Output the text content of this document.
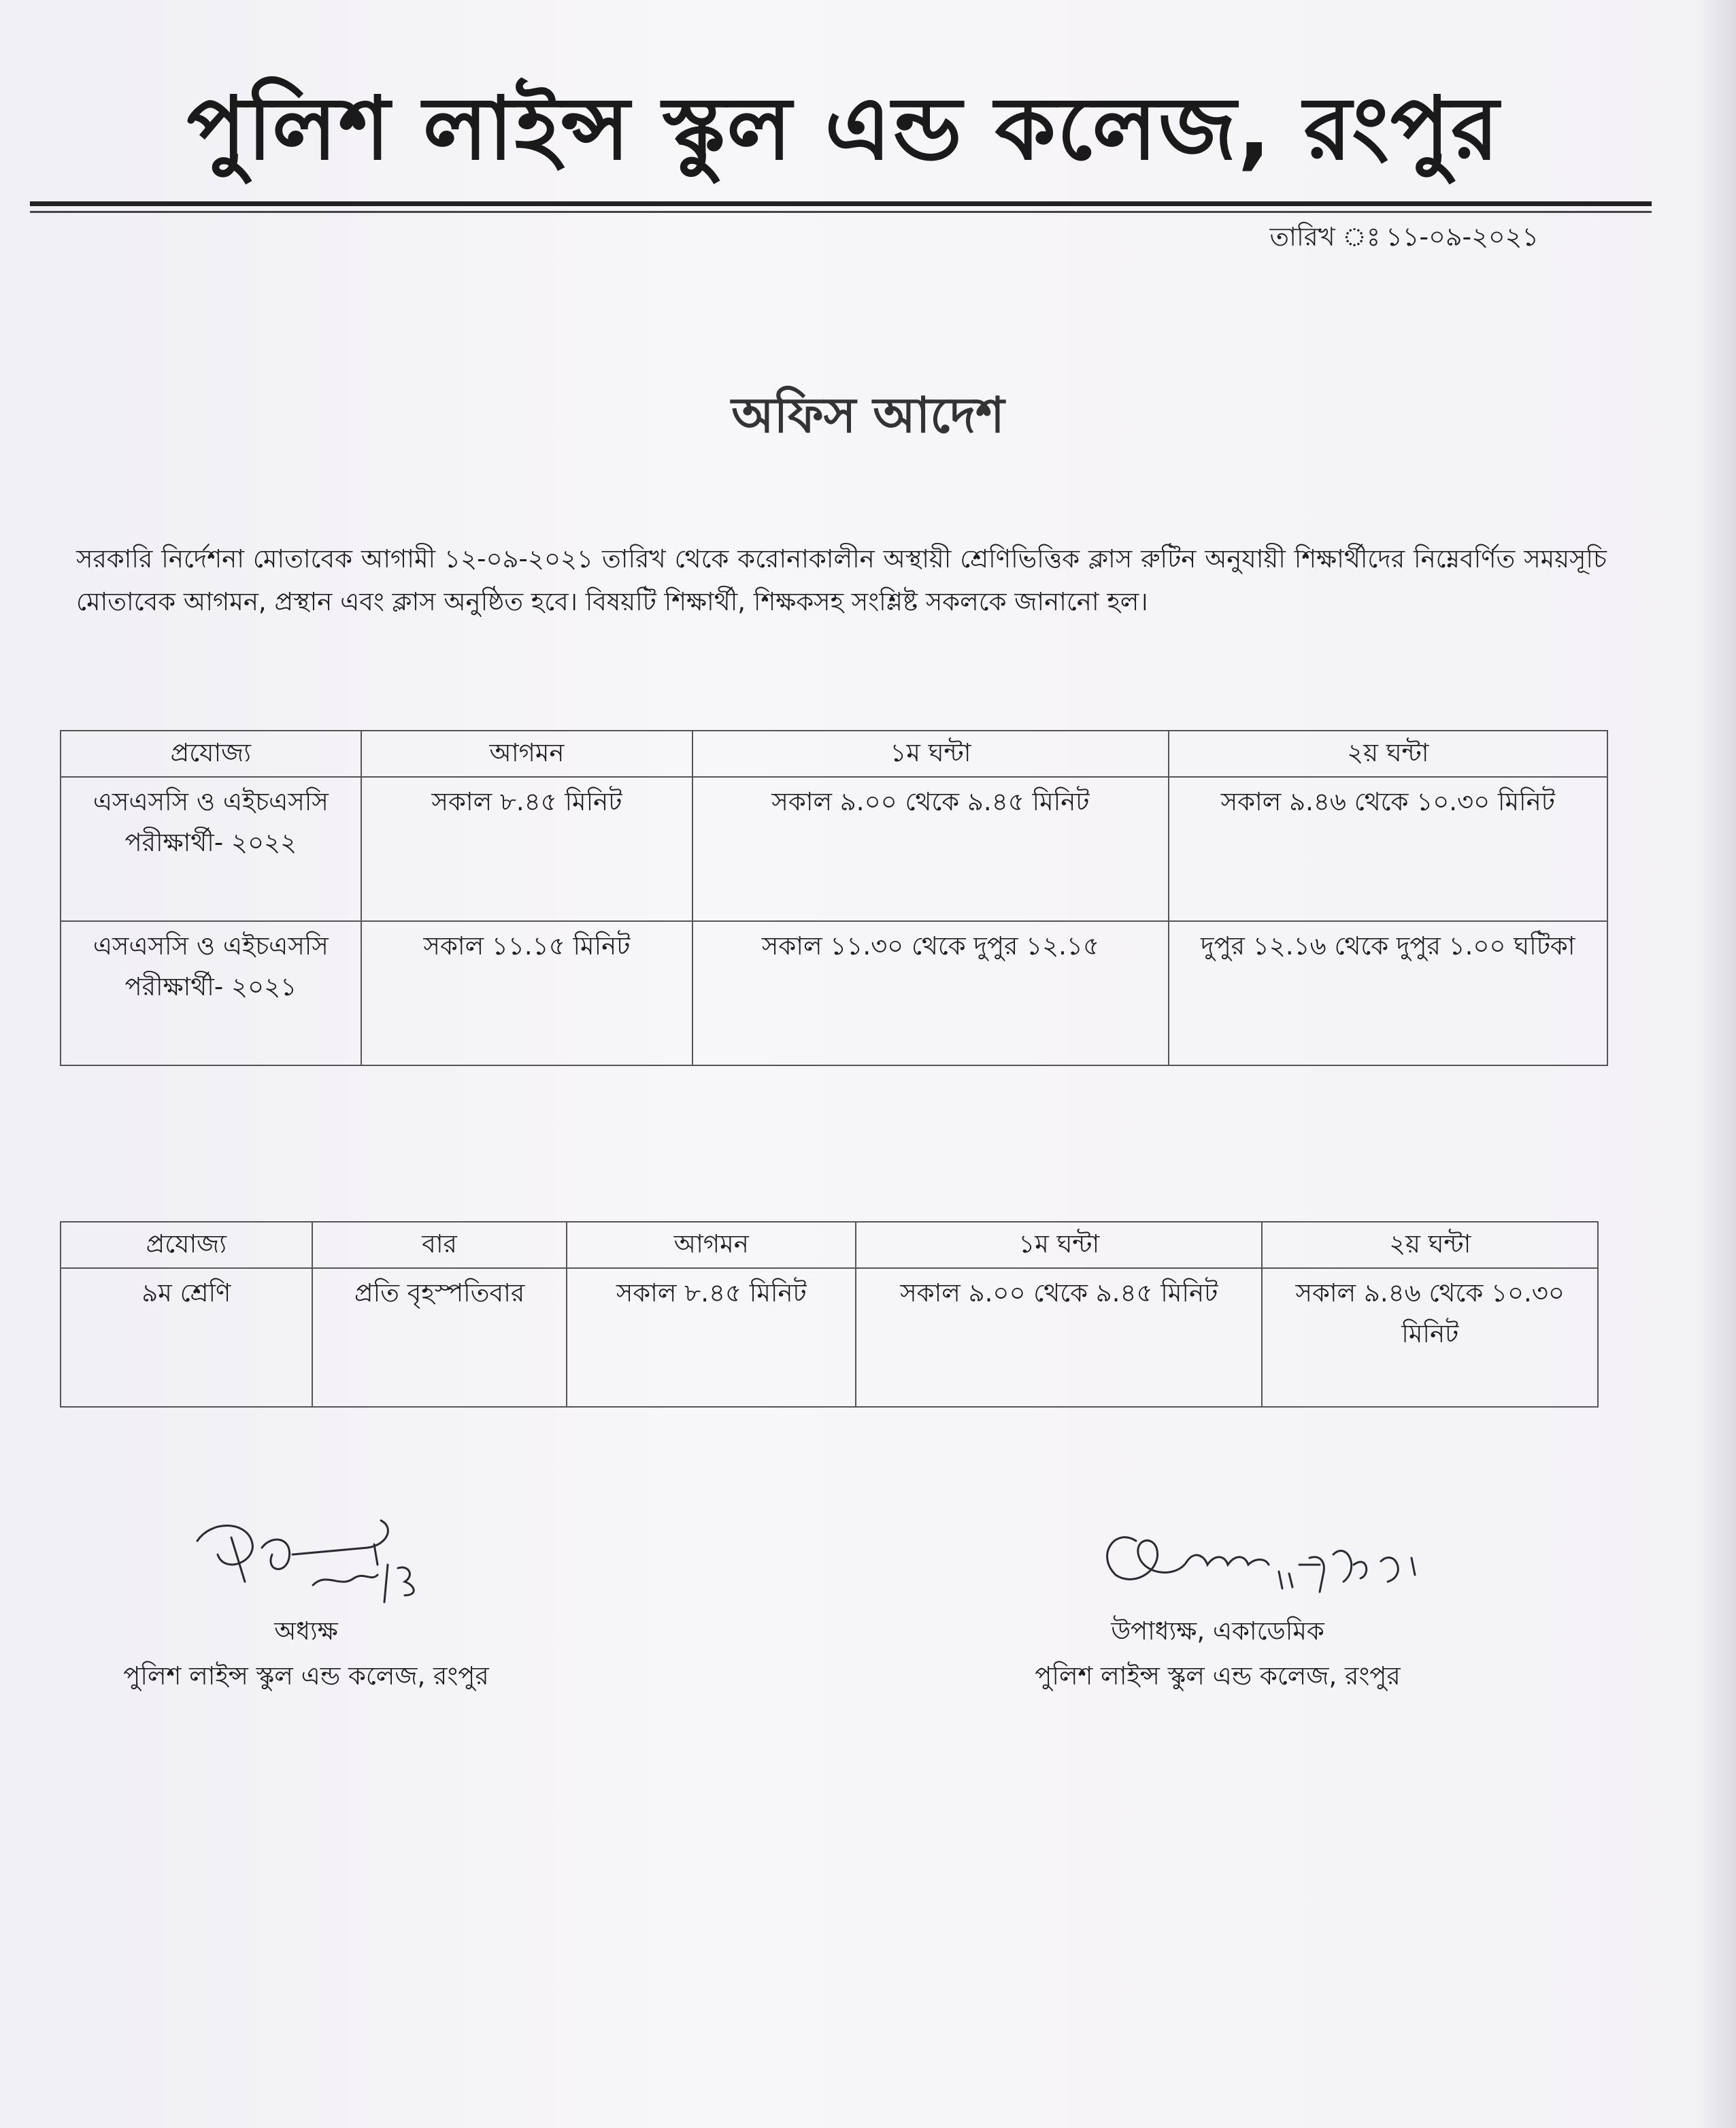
পুলিশ লাইন্স স্কুল এন্ড কলেজ, রংপুর
তারিখ ঃ ১১-০৯-২০২১
অফিস আদেশ
সরকারি নির্দেশনা মোতাবেক আগামী ১২-০৯-২০২১ তারিখ থেকে করোনাকালীন অস্থায়ী শ্রেণিভিত্তিক ক্লাস রুটিন অনুযায়ী শিক্ষার্থীদের নিম্নেবর্ণিত সময়সূচি মোতাবেক আগমন, প্রস্থান এবং ক্লাস অনুষ্ঠিত হবে। বিষয়টি শিক্ষার্থী, শিক্ষকসহ সংশ্লিষ্ট সকলকে জানানো হল।
প্রযোজ্য	আগমন	১ম ঘন্টা	২য় ঘন্টা
এসএসসি ও এইচএসসি পরীক্ষার্থী- ২০২২	সকাল ৮.৪৫ মিনিট	সকাল ৯.০০ থেকে ৯.৪৫ মিনিট	সকাল ৯.৪৬ থেকে ১০.৩০ মিনিট
এসএসসি ও এইচএসসি পরীক্ষার্থী- ২০২১	সকাল ১১.১৫ মিনিট	সকাল ১১.৩০ থেকে দুপুর ১২.১৫	দুপুর ১২.১৬ থেকে দুপুর ১.০০ ঘটিকা
প্রযোজ্য	বার	আগমন	১ম ঘন্টা	২য় ঘন্টা
৯ম শ্রেণি	প্রতি বৃহস্পতিবার	সকাল ৮.৪৫ মিনিট	সকাল ৯.০০ থেকে ৯.৪৫ মিনিট	সকাল ৯.৪৬ থেকে ১০.৩০ মিনিট
অধ্যক্ষ
পুলিশ লাইন্স স্কুল এন্ড কলেজ, রংপুর
উপাধ্যক্ষ, একাডেমিক
পুলিশ লাইন্স স্কুল এন্ড কলেজ, রংপুর
